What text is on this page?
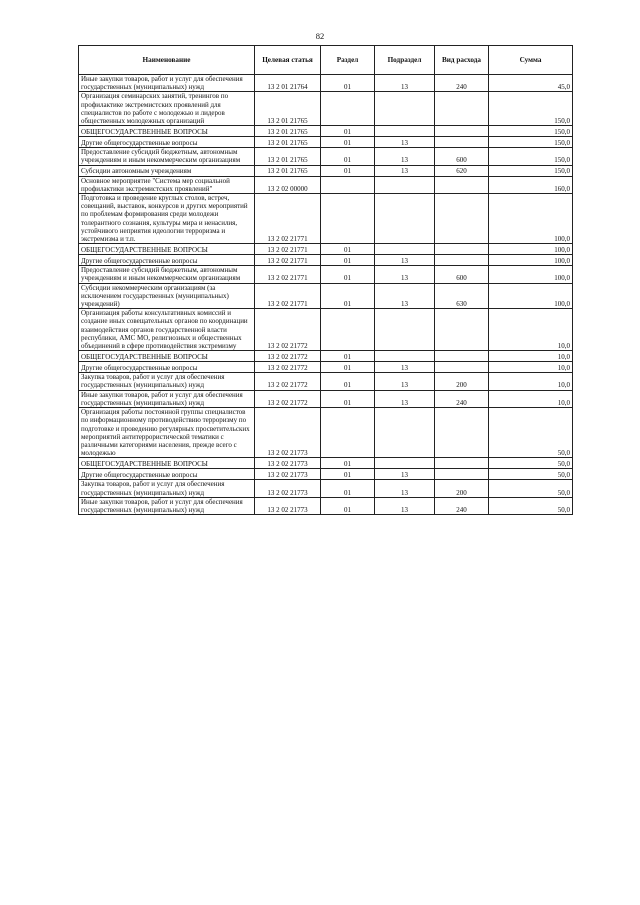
82
Наименование	Целевая статья	Раздел	Подраздел	Вид расхода	Сумма
Иные закупки товаров, работ и услуг для обеспечения государственных (муниципальных) нужд	13 2 01 21764	01	13	240	45,0
Организация семинарских занятий, тренингов по профилактике экстремистских проявлений для специалистов по работе с молодежью и лидеров общественных молодежных организаций	13 2 01 21765				150,0
ОБЩЕГОСУДАРСТВЕННЫЕ ВОПРОСЫ	13 2 01 21765	01			150,0
Другие общегосударственные вопросы	13 2 01 21765	01	13		150,0
Предоставление субсидий бюджетным, автономным учреждениям и иным некоммерческим организациям	13 2 01 21765	01	13	600	150,0
Субсидии автономным учреждениям	13 2 01 21765	01	13	620	150,0
Основное мероприятие "Система мер социальной профилактики экстремистских проявлений"	13 2 02 00000				160,0
Подготовка и проведение круглых столов, встреч, совещаний, выставок, конкурсов и других мероприятий по проблемам формирования среди молодежи толерантного сознания, культуры мира и ненасилия, устойчивого неприятия идеологии терроризма и экстремизма и т.п.	13 2 02 21771				100,0
ОБЩЕГОСУДАРСТВЕННЫЕ ВОПРОСЫ	13 2 02 21771	01			100,0
Другие общегосударственные вопросы	13 2 02 21771	01	13		100,0
Предоставление субсидий бюджетным, автономным учреждениям и иным некоммерческим организациям	13 2 02 21771	01	13	600	100,0
Субсидии некоммерческим организациям (за исключением государственных (муниципальных) учреждений)	13 2 02 21771	01	13	630	100,0
Организация работы консультативных комиссий и создание иных совещательных органов по координации взаимодействия органов государственной власти республики, АМС МО, религиозных и общественных объединений в сфере противодействия экстремизму	13 2 02 21772				10,0
ОБЩЕГОСУДАРСТВЕННЫЕ ВОПРОСЫ	13 2 02 21772	01			10,0
Другие общегосударственные вопросы	13 2 02 21772	01	13		10,0
Закупка товаров, работ и услуг для обеспечения государственных (муниципальных) нужд	13 2 02 21772	01	13	200	10,0
Иные закупки товаров, работ и услуг для обеспечения государственных (муниципальных) нужд	13 2 02 21772	01	13	240	10,0
Организация работы постоянной группы специалистов по информационному противодействию терроризму по подготовке и проведению регулярных просветительских мероприятий антитеррористической тематики с различными категориями населения, прежде всего с молодежью	13 2 02 21773				50,0
ОБЩЕГОСУДАРСТВЕННЫЕ ВОПРОСЫ	13 2 02 21773	01			50,0
Другие общегосударственные вопросы	13 2 02 21773	01	13		50,0
Закупка товаров, работ и услуг для обеспечения государственных (муниципальных) нужд	13 2 02 21773	01	13	200	50,0
Иные закупки товаров, работ и услуг для обеспечения государственных (муниципальных) нужд	13 2 02 21773	01	13	240	50,0
